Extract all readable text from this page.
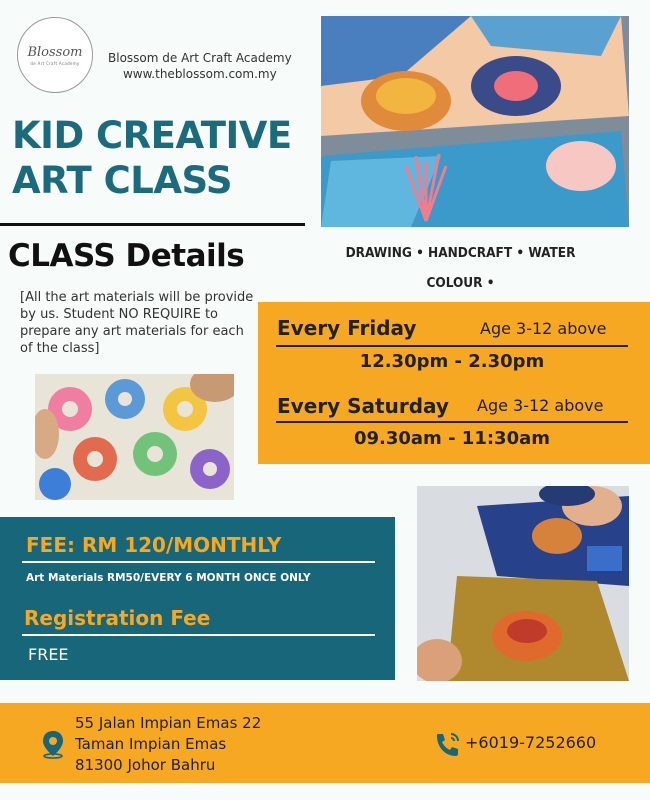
Blossom
de Art Craft Academy Blossom de Art Craft Academy
www.theblossom.com.my
KID CREATIVE
ART CLASS
CLASS Details	DRAWING • HANDCRAFT • WATER COLOUR •
[All the art materials will be provide by us. Student NO REQUIRE to prepare any art materials for each of the class]
Every Friday	Age 3-12 above
12.30pm - 2.30pm
Every Saturday Age 3-12 above
09.30am - 11:30am
FEE: RM 120/MONTHLY
Art Materials RM50/EVERY 6 MONTH ONCE ONLY
Registration Fee
FREE
55 Jalan Impian Emas 22
Taman Impian Emas
81300 Johor Bahru
+6019-7252660
